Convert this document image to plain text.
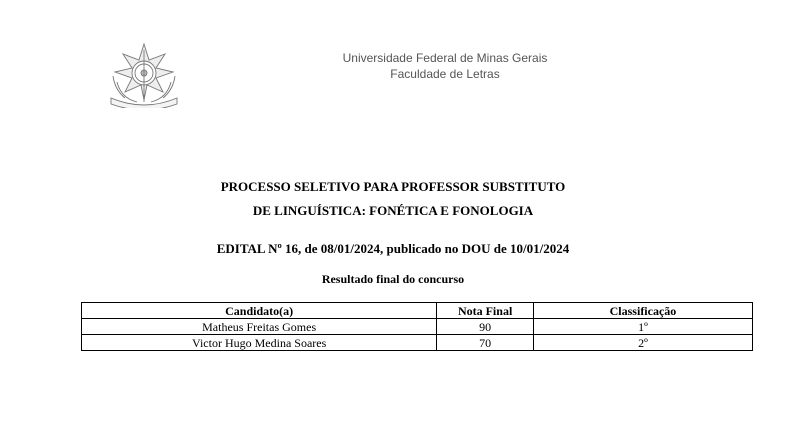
Universidade Federal de Minas Gerais
Faculdade de Letras
PROCESSO SELETIVO PARA PROFESSOR SUBSTITUTO
DE LINGUÍSTICA: FONÉTICA E FONOLOGIA
EDITAL Nº 16, de 08/01/2024, publicado no DOU de 10/01/2024
Resultado final do concurso
Candidato(a)	Nota Final	Classificação
Matheus Freitas Gomes	90	1º
Victor Hugo Medina Soares	70	2º
